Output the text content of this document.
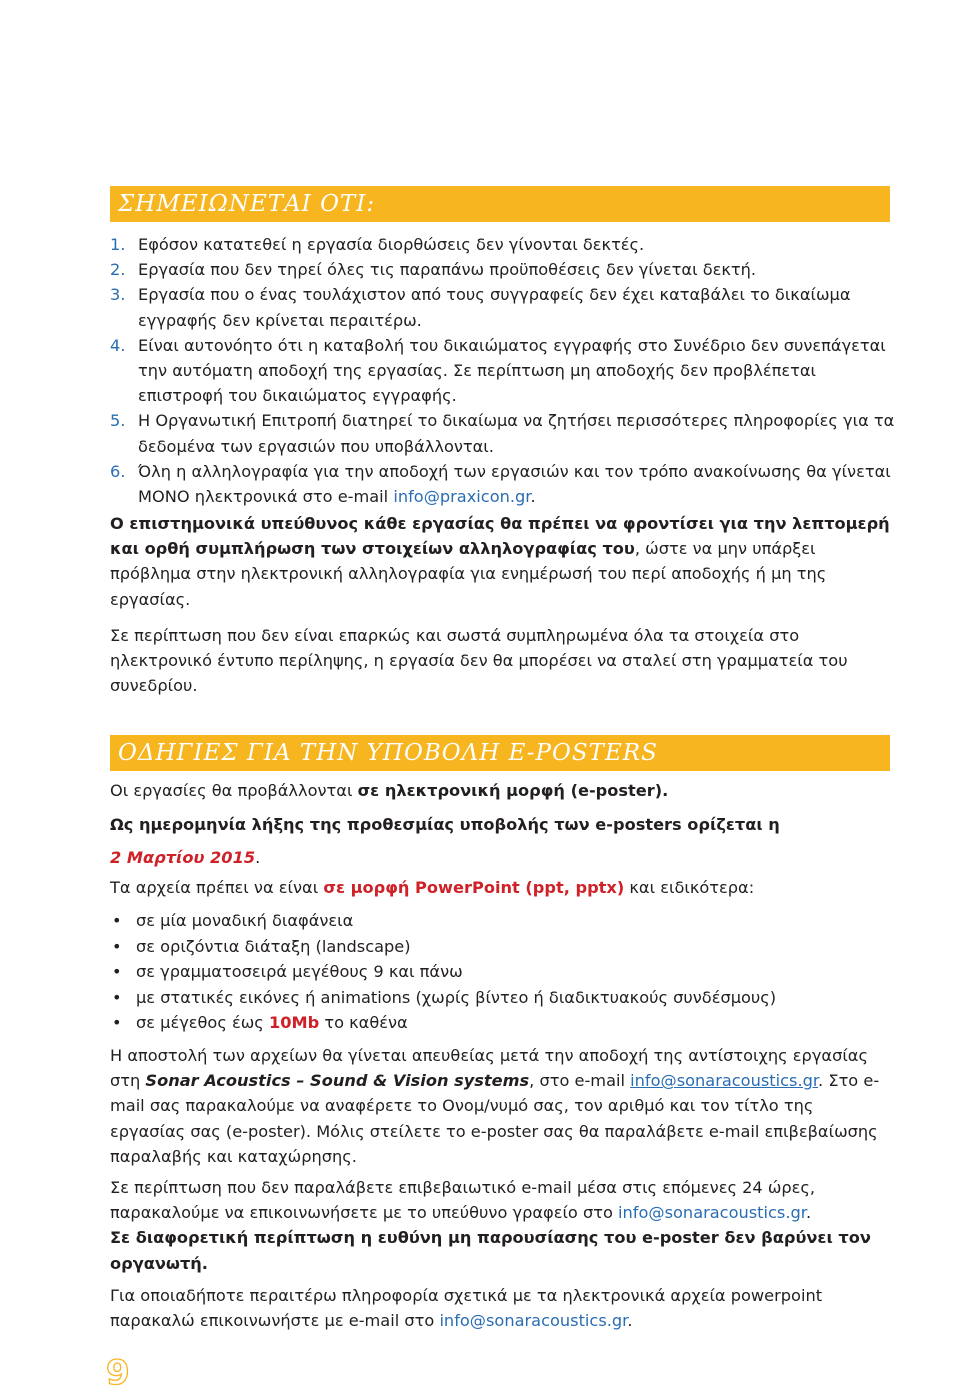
ΣΗΜΕΙΩΝΕΤΑΙ ΟΤΙ:
1. Εφόσον κατατεθεί η εργασία διορθώσεις δεν γίνονται δεκτές.
2. Εργασία που δεν τηρεί όλες τις παραπάνω προϋποθέσεις δεν γίνεται δεκτή.
3. Εργασία που ο ένας τουλάχιστον από τους συγγραφείς δεν έχει καταβάλει το δικαίωμα εγγραφής δεν κρίνεται περαιτέρω.
4. Είναι αυτονόητο ότι η καταβολή του δικαιώματος εγγραφής στο Συνέδριο δεν συνεπάγεται την αυτόματη αποδοχή της εργασίας. Σε περίπτωση μη αποδοχής δεν προβλέπεται επιστροφή του δικαιώματος εγγραφής.
5. Η Οργανωτική Επιτροπή διατηρεί το δικαίωμα να ζητήσει περισσότερες πληροφορίες για τα δεδομένα των εργασιών που υποβάλλονται.
6. Όλη η αλληλογραφία για την αποδοχή των εργασιών και τον τρόπο ανακοίνωσης θα γίνεται ΜΟΝΟ ηλεκτρονικά στο e-mail info@praxicon.gr.

Ο επιστημονικά υπεύθυνος κάθε εργασίας θα πρέπει να φροντίσει για την λεπτομερή και ορθή συμπλήρωση των στοιχείων αλληλογραφίας του, ώστε να μην υπάρξει πρόβλημα στην ηλεκτρονική αλληλογραφία για ενημέρωσή του περί αποδοχής ή μη της εργασίας.

Σε περίπτωση που δεν είναι επαρκώς και σωστά συμπληρωμένα όλα τα στοιχεία στο ηλεκτρονικό έντυπο περίληψης, η εργασία δεν θα μπορέσει να σταλεί στη γραμματεία του συνεδρίου.

ΟΔΗΓΙΕΣ ΓΙΑ ΤΗΝ ΥΠΟΒΟΛΗ E-POSTERS

Οι εργασίες θα προβάλλονται σε ηλεκτρονική μορφή (e-poster).

Ως ημερομηνία λήξης της προθεσμίας υποβολής των e-posters ορίζεται η

2 Μαρτίου 2015.

Τα αρχεία πρέπει να είναι σε μορφή PowerPoint (ppt, pptx) και ειδικότερα:

• σε μία μοναδική διαφάνεια
• σε οριζόντια διάταξη (landscape)
• σε γραμματοσειρά μεγέθους 9 και πάνω
• με στατικές εικόνες ή animations (χωρίς βίντεο ή διαδικτυακούς συνδέσμους)
• σε μέγεθος έως 10Mb το καθένα

Η αποστολή των αρχείων θα γίνεται απευθείας μετά την αποδοχή της αντίστοιχης εργασίας στη Sonar Acoustics – Sound & Vision systems, στο e-mail info@sonaracoustics.gr. Στο e-mail σας παρακαλούμε να αναφέρετε το Ονομ/νυμό σας, τον αριθμό και τον τίτλο της εργασίας σας (e-poster). Μόλις στείλετε το e-poster σας θα παραλάβετε e-mail επιβεβαίωσης παραλαβής και καταχώρησης.

Σε περίπτωση που δεν παραλάβετε επιβεβαιωτικό e-mail μέσα στις επόμενες 24 ώρες, παρακαλούμε να επικοινωνήσετε με το υπεύθυνο γραφείο στο info@sonaracoustics.gr.
Σε διαφορετική περίπτωση η ευθύνη μη παρουσίασης του e-poster δεν βαρύνει τον οργανωτή.

Για οποιαδήποτε περαιτέρω πληροφορία σχετικά με τα ηλεκτρονικά αρχεία powerpoint παρακαλώ επικοινωνήστε με e-mail στο info@sonaracoustics.gr.

9
